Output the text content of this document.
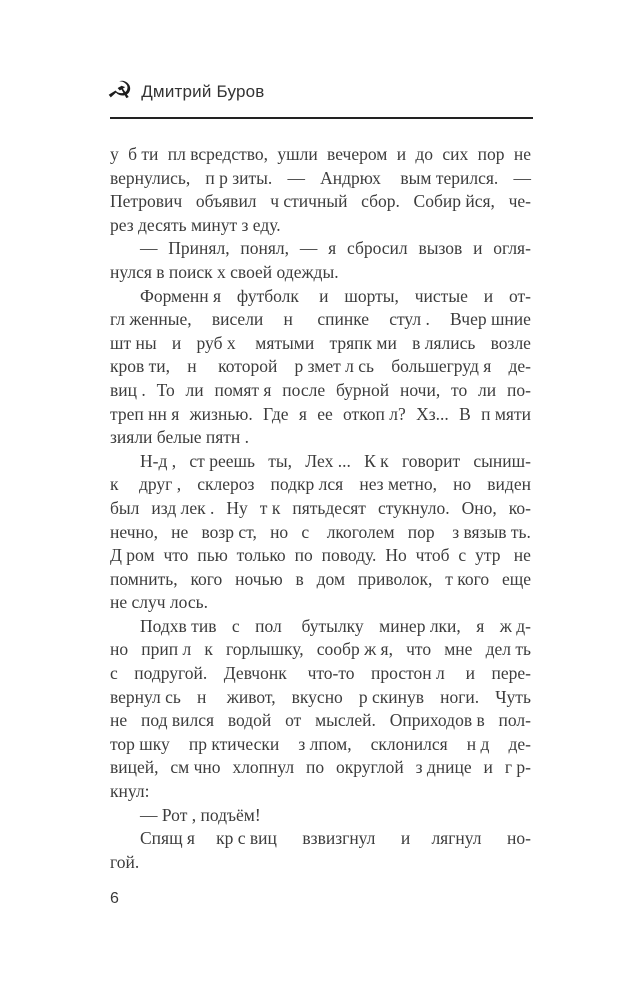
☭ Дмитрий Буров
у б ти пл всредство, ушли вечером и до сих пор не
вернулись, п р зиты. — Андрюх вым терился. —
Петрович объявил ч стичный сбор. Собир йся, че-
рез десять минут з еду.
— Принял, понял, — я сбросил вызов и огля-
нулся в поиск х своей одежды.
Форменн я футболк и шорты, чистые и от-
гл женные, висели н спинке стул . Вчер шние
шт ны и руб х мятыми тряпк ми в лялись возле
кров ти, н которой р змет л сь большегруд я де-
виц . То ли помят я после бурной ночи, то ли по-
треп нн я жизнью. Где я ее откоп л? Хз... В п мяти
зияли белые пятн .
Н-д , ст реешь ты, Лех ... К к говорит сыниш-
к друг , склероз подкр лся нез метно, но виден
был изд лек . Ну т к пятьдесят стукнуло. Оно, ко-
нечно, не возр ст, но с лкоголем пор з вязыв ть.
Д ром что пью только по поводу. Но чтоб с утр не
помнить, кого ночью в дом приволок, т кого еще
не случ лось.
Подхв тив с пол бутылку минер лки, я ж д-
но прип л к горлышку, сообр ж я, что мне дел ть
с подругой. Девчонк что-то простон л и пере-
вернул сь н живот, вкусно р скинув ноги. Чуть
не под вился водой от мыслей. Оприходов в пол-
тор шку пр ктически з лпом, склонился н д де-
вицей, см чно хлопнул по округлой з днице и г р-
кнул:
— Рот , подъём!
Спящ я кр с виц взвизгнул и лягнул но-
гой.
6
